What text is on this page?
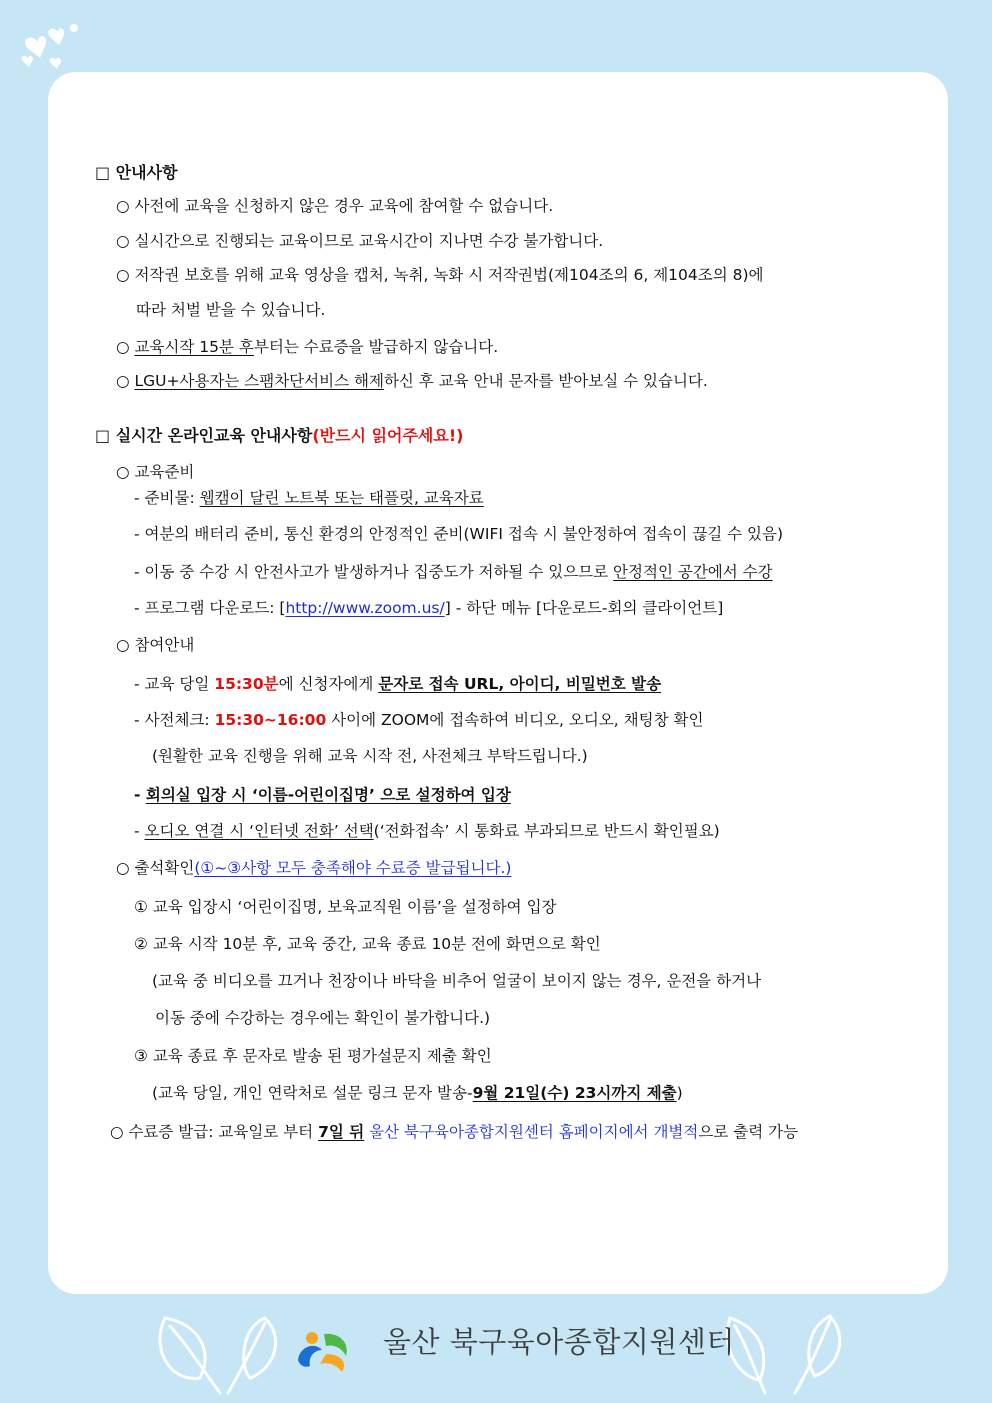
□ 안내사항
○ 사전에 교육을 신청하지 않은 경우 교육에 참여할 수 없습니다.
○ 실시간으로 진행되는 교육이므로 교육시간이 지나면 수강 불가합니다.
○ 저작권 보호를 위해 교육 영상을 캡처, 녹취, 녹화 시 저작권법(제104조의 6, 제104조의 8)에
따라 처벌 받을 수 있습니다.
○ 교육시작 15분 후부터는 수료증을 발급하지 않습니다.
○ LGU+사용자는 스팸차단서비스 해제하신 후 교육 안내 문자를 받아보실 수 있습니다.
□ 실시간 온라인교육 안내사항(반드시 읽어주세요!)
○ 교육준비
- 준비물: 웹캠이 달린 노트북 또는 태플릿, 교육자료
- 여분의 배터리 준비, 통신 환경의 안정적인 준비(WIFI 접속 시 불안정하여 접속이 끊길 수 있음)
- 이동 중 수강 시 안전사고가 발생하거나 집중도가 저하될 수 있으므로 안정적인 공간에서 수강
- 프로그램 다운로드: [http://www.zoom.us/] - 하단 메뉴 [다운로드-회의 클라이언트]
○ 참여안내
- 교육 당일 15:30분에 신청자에게 문자로 접속 URL, 아이디, 비밀번호 발송
- 사전체크: 15:30~16:00 사이에 ZOOM에 접속하여 비디오, 오디오, 채팅창 확인
(원활한 교육 진행을 위해 교육 시작 전, 사전체크 부탁드립니다.)
- 회의실 입장 시 ‘이름-어린이집명’ 으로 설정하여 입장
- 오디오 연결 시 ‘인터넷 전화’ 선택(‘전화접속’ 시 통화료 부과되므로 반드시 확인필요)
○ 출석확인(①~③사항 모두 충족해야 수료증 발급됩니다.)
① 교육 입장시 ‘어린이집명, 보육교직원 이름’을 설정하여 입장
② 교육 시작 10분 후, 교육 중간, 교육 종료 10분 전에 화면으로 확인
(교육 중 비디오를 끄거나 천장이나 바닥을 비추어 얼굴이 보이지 않는 경우, 운전을 하거나
이동 중에 수강하는 경우에는 확인이 불가합니다.)
③ 교육 종료 후 문자로 발송 된 평가설문지 제출 확인
(교육 당일, 개인 연락처로 설문 링크 문자 발송-9월 21일(수) 23시까지 제출)
○ 수료증 발급: 교육일로 부터 7일 뒤 울산 북구육아종합지원센터 홈페이지에서 개별적으로 출력 가능
울산 북구육아종합지원센터
